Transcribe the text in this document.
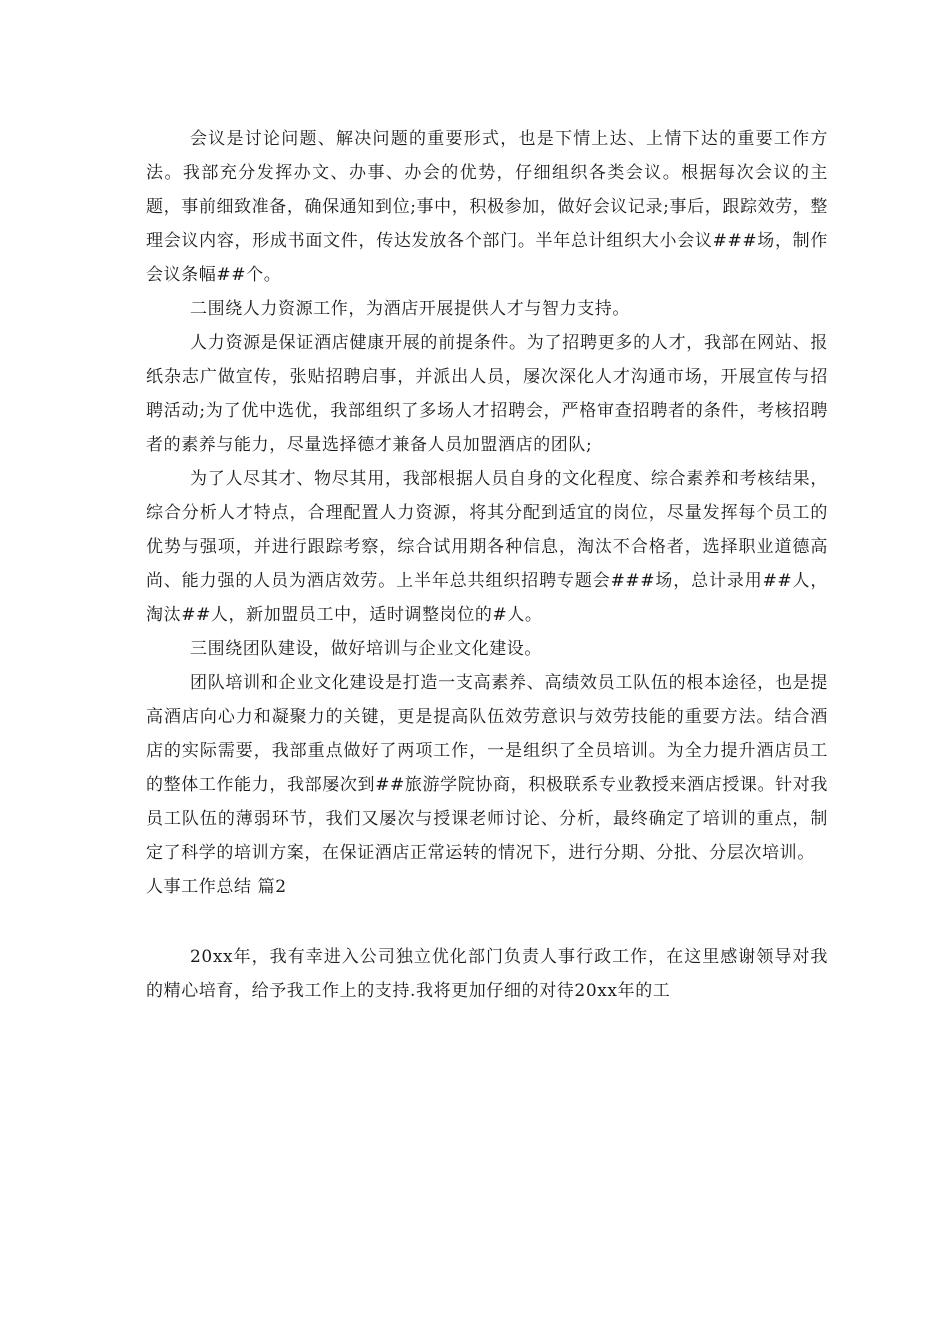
会议是讨论问题、解决问题的重要形式，也是下情上达、上情下达的重要工作方法。我部充分发挥办文、办事、办会的优势，仔细组织各类会议。根据每次会议的主题，事前细致准备，确保通知到位;事中，积极参加，做好会议记录;事后，跟踪效劳，整理会议内容，形成书面文件，传达发放各个部门。半年总计组织大小会议###场，制作会议条幅##个。

二围绕人力资源工作，为酒店开展提供人才与智力支持。

人力资源是保证酒店健康开展的前提条件。为了招聘更多的人才，我部在网站、报纸杂志广做宣传，张贴招聘启事，并派出人员，屡次深化人才沟通市场，开展宣传与招聘活动;为了优中选优，我部组织了多场人才招聘会，严格审查招聘者的条件，考核招聘者的素养与能力，尽量选择德才兼备人员加盟酒店的团队;

为了人尽其才、物尽其用，我部根据人员自身的文化程度、综合素养和考核结果，综合分析人才特点，合理配置人力资源，将其分配到适宜的岗位，尽量发挥每个员工的优势与强项，并进行跟踪考察，综合试用期各种信息，淘汰不合格者，选择职业道德高尚、能力强的人员为酒店效劳。上半年总共组织招聘专题会###场，总计录用##人，淘汰##人，新加盟员工中，适时调整岗位的#人。

三围绕团队建设，做好培训与企业文化建设。

团队培训和企业文化建设是打造一支高素养、高绩效员工队伍的根本途径，也是提高酒店向心力和凝聚力的关键，更是提高队伍效劳意识与效劳技能的重要方法。结合酒店的实际需要，我部重点做好了两项工作，一是组织了全员培训。为全力提升酒店员工的整体工作能力，我部屡次到##旅游学院协商，积极联系专业教授来酒店授课。针对我员工队伍的薄弱环节，我们又屡次与授课老师讨论、分析，最终确定了培训的重点，制定了科学的培训方案，在保证酒店正常运转的情况下，进行分期、分批、分层次培训。

人事工作总结 篇2

20xx年，我有幸进入公司独立优化部门负责人事行政工作，在这里感谢领导对我的精心培育，给予我工作上的支持.我将更加仔细的对待20xx年的工
